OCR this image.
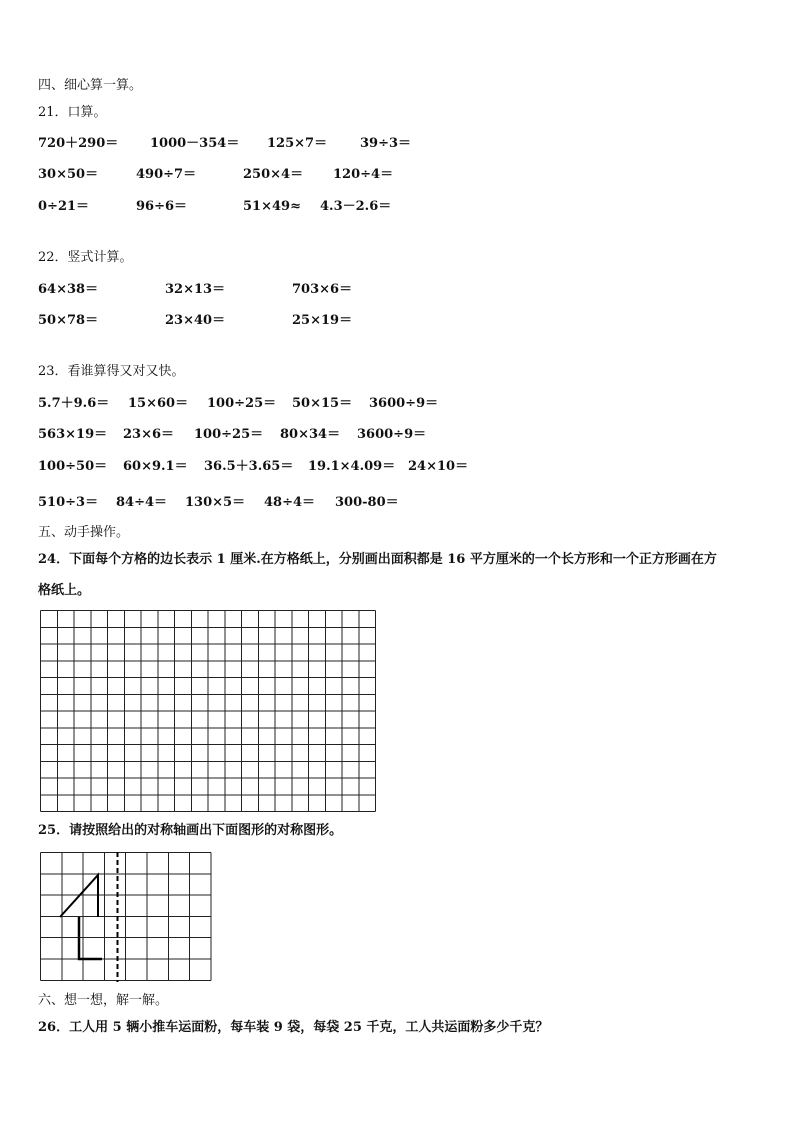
四、细心算一算。
21．口算。
720＋290＝ 1000－354＝ 125×7＝	39÷3＝
30×50＝	490÷7＝	250×4＝ 120÷4＝
0÷21＝	96÷6＝	51×49≈ 4.3－2.6＝
22．竖式计算。
64×38＝	32×13＝	703×6＝
50×78＝	23×40＝	25×19＝
23．看谁算得又对又快。
5.7＋9.6＝ 15×60＝ 100÷25＝ 50×15＝ 3600÷9＝
563×19＝ 23×6＝ 100÷25＝ 80×34＝ 3600÷9＝
100÷50＝ 60×9.1＝ 36.5＋3.65＝ 19.1×4.09＝ 24×10＝
510÷3＝ 84÷4＝ 130×5＝ 48÷4＝ 300-80＝
五、动手操作。
24．下面每个方格的边长表示 1 厘米.在方格纸上，分别画出面积都是 16 平方厘米的一个长方形和一个正方形画在方
格纸上。
25．请按照给出的对称轴画出下面图形的对称图形。
六、想一想，解一解。
26．工人用 5 辆小推车运面粉，每车装 9 袋，每袋 25 千克，工人共运面粉多少千克？
